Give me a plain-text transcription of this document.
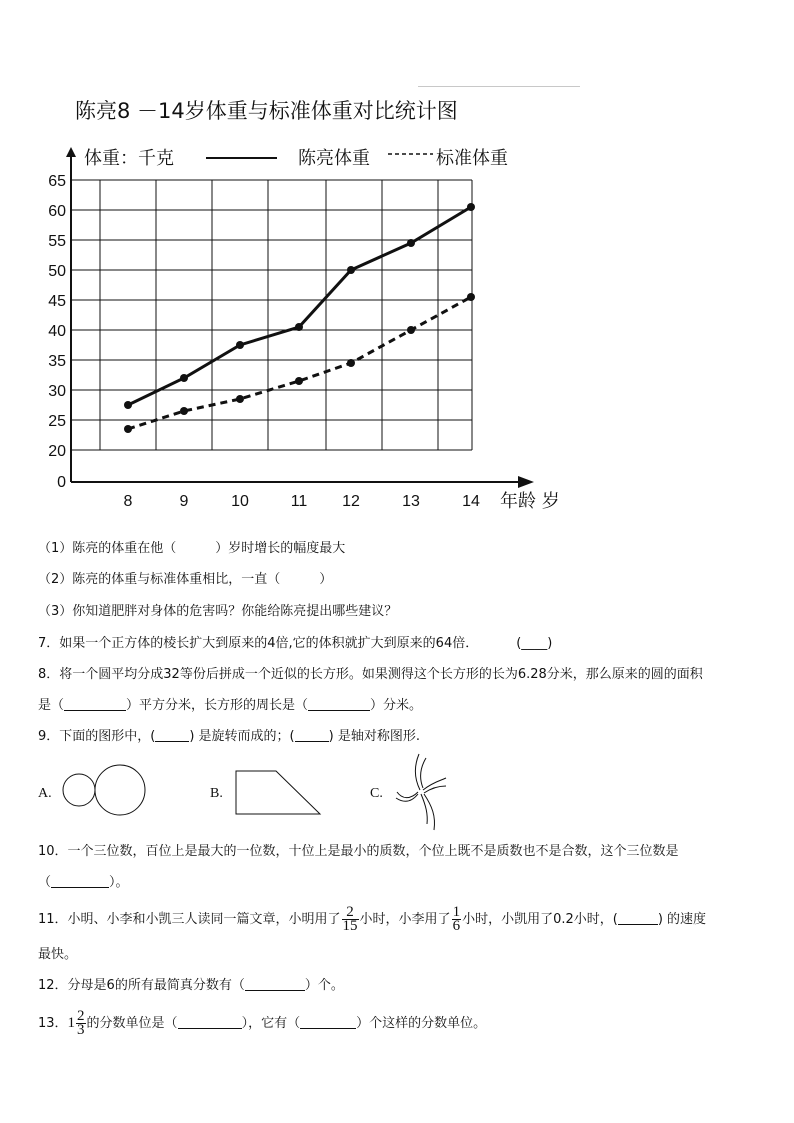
陈亮8 －14岁体重与标准体重对比统计图
65
60
55
50
45
40
35
30
25
20
0
8	9	10	11 12	13	14
体重：千克	陈亮体重	标准体重
年龄 岁
（1）陈亮的体重在他（　　　）岁时增长的幅度最大
（2）陈亮的体重与标准体重相比，一直（　　　）
（3）你知道肥胖对身体的危害吗？你能给陈亮提出哪些建议？
7．如果一个正方体的棱长扩大到原来的4倍,它的体积就扩大到原来的64倍．	(____)
8．将一个圆平均分成32等份后拼成一个近似的长方形。如果测得这个长方形的长为6.28分米，那么原来的圆的面积
是（	）平方分米，长方形的周长是（	）分米。
9．下面的图形中，(	) 是旋转而成的；(	) 是轴对称图形.
A.	B.	C.
10．一个三位数，百位上是最大的一位数，十位上是最小的质数，个位上既不是质数也不是合数，这个三位数是
（	）。
11．小明、小李和小凯三人读同一篇文章，小明用了 $\frac{2}{15}$ 小时，小李用了 $\frac{1}{6}$ 小时，小凯用了0.2小时，(	) 的速度
最快。
12．分母是6的所有最简真分数有（	）个。
13．$1 \frac{2}{3}$ 的分数单位是（	），它有（	）个这样的分数单位。
